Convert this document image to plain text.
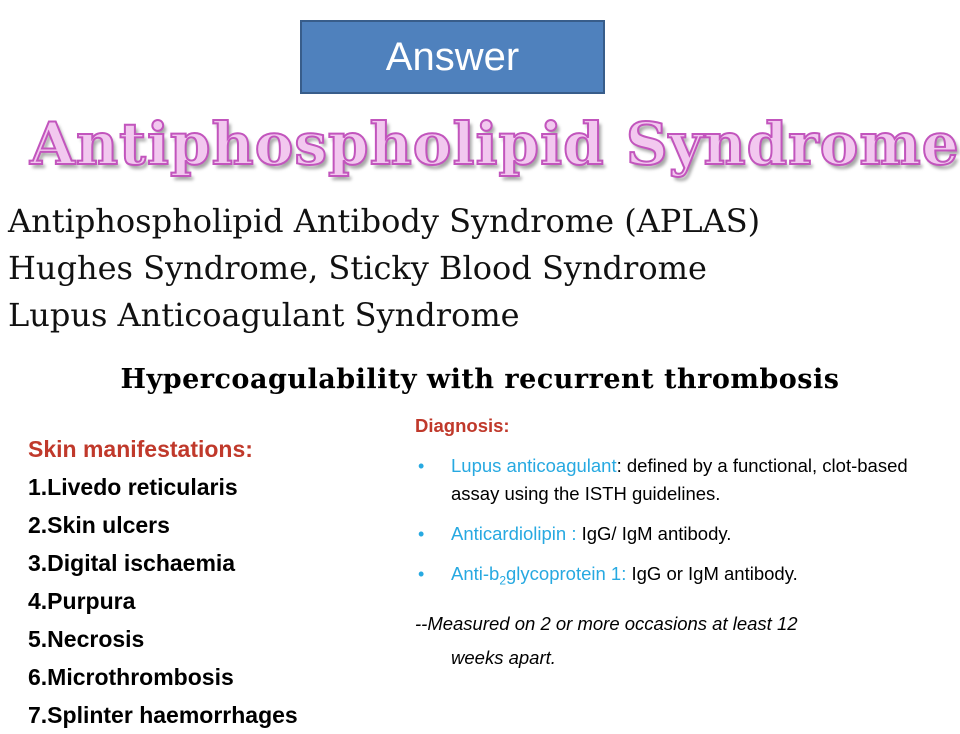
Answer
Antiphospholipid Syndrome
Antiphospholipid Antibody Syndrome (APLAS)
Hughes Syndrome, Sticky Blood Syndrome
Lupus Anticoagulant Syndrome
Hypercoagulability with recurrent thrombosis
Skin manifestations:
1.Livedo reticularis
2.Skin ulcers
3.Digital ischaemia
4.Purpura
5.Necrosis
6.Microthrombosis
7.Splinter haemorrhages
Diagnosis:
• Lupus anticoagulant: defined by a functional, clot-based assay using the ISTH guidelines.
• Anticardiolipin : IgG/ IgM antibody.
• Anti-$b_2glycoprotein$ 1: IgG or IgM antibody.
--Measured on 2 or more occasions at least 12
weeks apart.
